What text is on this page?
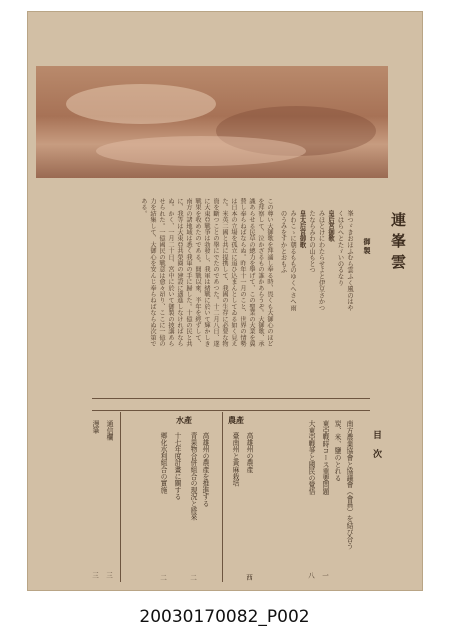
連峯雲
御製
峯つゞきおほふむら雲ふく風のはやくはらへとたゞいのるなり
皇后宮御歌
みほとけにわたらせよと伊豆さかつたならみわの山もとつ
皇太后宮御歌
みわこゝに朝るもものゆくへさへ雨のうみをすかとおもふ
この尊い大御歌を拜誦し奉る時、畏くも大御心のほどを拜察して、泣かざるもの誰かあらうぞ。大御歌、承識あらせる民草の總力を擧げて、この聖業の大業を翼賛し奉らねばならぬ。昨年十一月のこと、世界の情勢は日本の立場を孤立に追ひ込まんとしてゐる如く見えた。米英二國と共に提携して、我國の生存に必要な物資を斷つことの擧にでたのであつた。十二月八日、遂に大東亞戰爭は勃發し、我軍は緒戰に於いて輝かしき戰果を收めたのである。開戰以來、半年を經ずして、南方の諸地域は悉く我軍の手に歸した。十億の民と共に、我等は大東亞共榮圈の建設に邁進しなければならぬ。かく、一月二十日、宮中に於いて御製の披講あらせられた。一億國民の戰意は愈々昂り、ここに一億の力を結集して、大御心を安んじ奉らねばならぬ次第である。
目次
南方農業協會と協議會（會員）を結び合う
炭、米、鹽のとれる
東亞戰時コース重要問題
一
大東亞戰爭と國民の覺悟
八
農產
高雄州の農產
西
臺南州と黃麻栽培
水產
高雄州の農產を推進する
青果物合併組合の現況と將來
二
十七年度計畫に關する
鄉化水利組合の實施
二
通信欄
三
漫筆
三
20030170082_P002
